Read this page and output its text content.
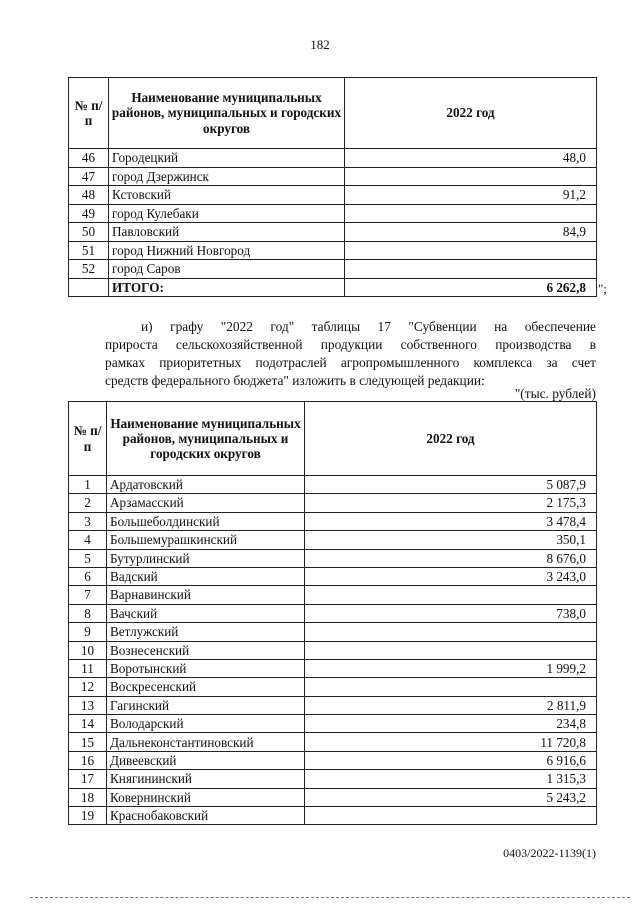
182
№ п/п	Наименование муниципальных районов, муниципальных и городских округов	2022 год
46	Городецкий	48,0
47	город Дзержинск	
48	Кстовский	91,2
49	город Кулебаки	
50	Павловский	84,9
51	город Нижний Новгород	
52	город Саров	
	ИТОГО:	6 262,8 ";
и) графу "2022 год" таблицы 17 "Субвенции на обеспечение
прироста сельскохозяйственной продукции собственного производства в
рамках приоритетных подотраслей агропромышленного комплекса за счет
средств федерального бюджета" изложить в следующей редакции:
"(тыс. рублей)
№ п/п	Наименование муниципальных районов, муниципальных и городских округов	2022 год
1	Ардатовский	5 087,9
2	Арзамасский	2 175,3
3	Большеболдинский	3 478,4
4	Большемурашкинский	350,1
5	Бутурлинский	8 676,0
6	Вадский	3 243,0
7	Варнавинский	
8	Вачский	738,0
9	Ветлужский	
10	Вознесенский	
11	Воротынский	1 999,2
12	Воскресенский	
13	Гагинский	2 811,9
14	Володарский	234,8
15	Дальнеконстантиновский	11 720,8
16	Дивеевский	6 916,6
17	Княгининский	1 315,3
18	Ковернинский	5 243,2
19	Краснобаковский	
0403/2022-1139(1)
